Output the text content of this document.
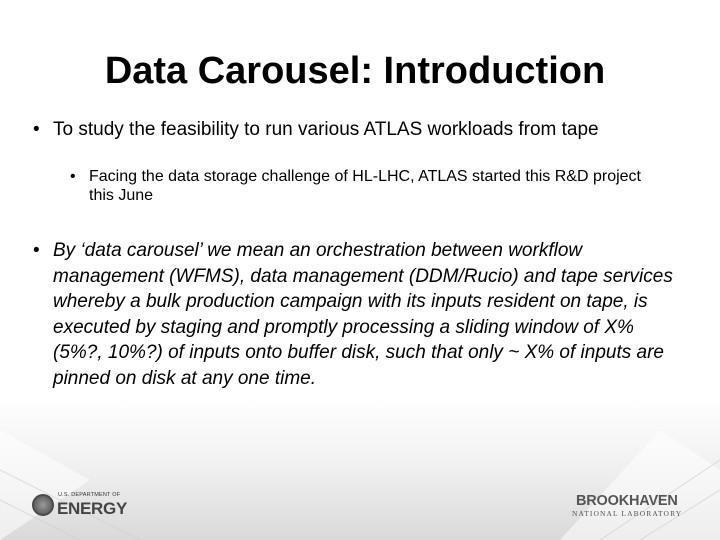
Data Carousel: Introduction
• To study the feasibility to run various ATLAS workloads from tape
• Facing the data storage challenge of HL-LHC, ATLAS started this R&D project this June
• By ‘data carousel’ we mean an orchestration between workflow management (WFMS), data management (DDM/Rucio) and tape services whereby a bulk production campaign with its inputs resident on tape, is executed by staging and promptly processing a sliding window of X% (5%?, 10%?) of inputs onto buffer disk, such that only ~ X% of inputs are pinned on disk at any one time.
U.S. DEPARTMENT OF
ENERGY	BROOKHAVEN
NATIONAL LABORATORY
